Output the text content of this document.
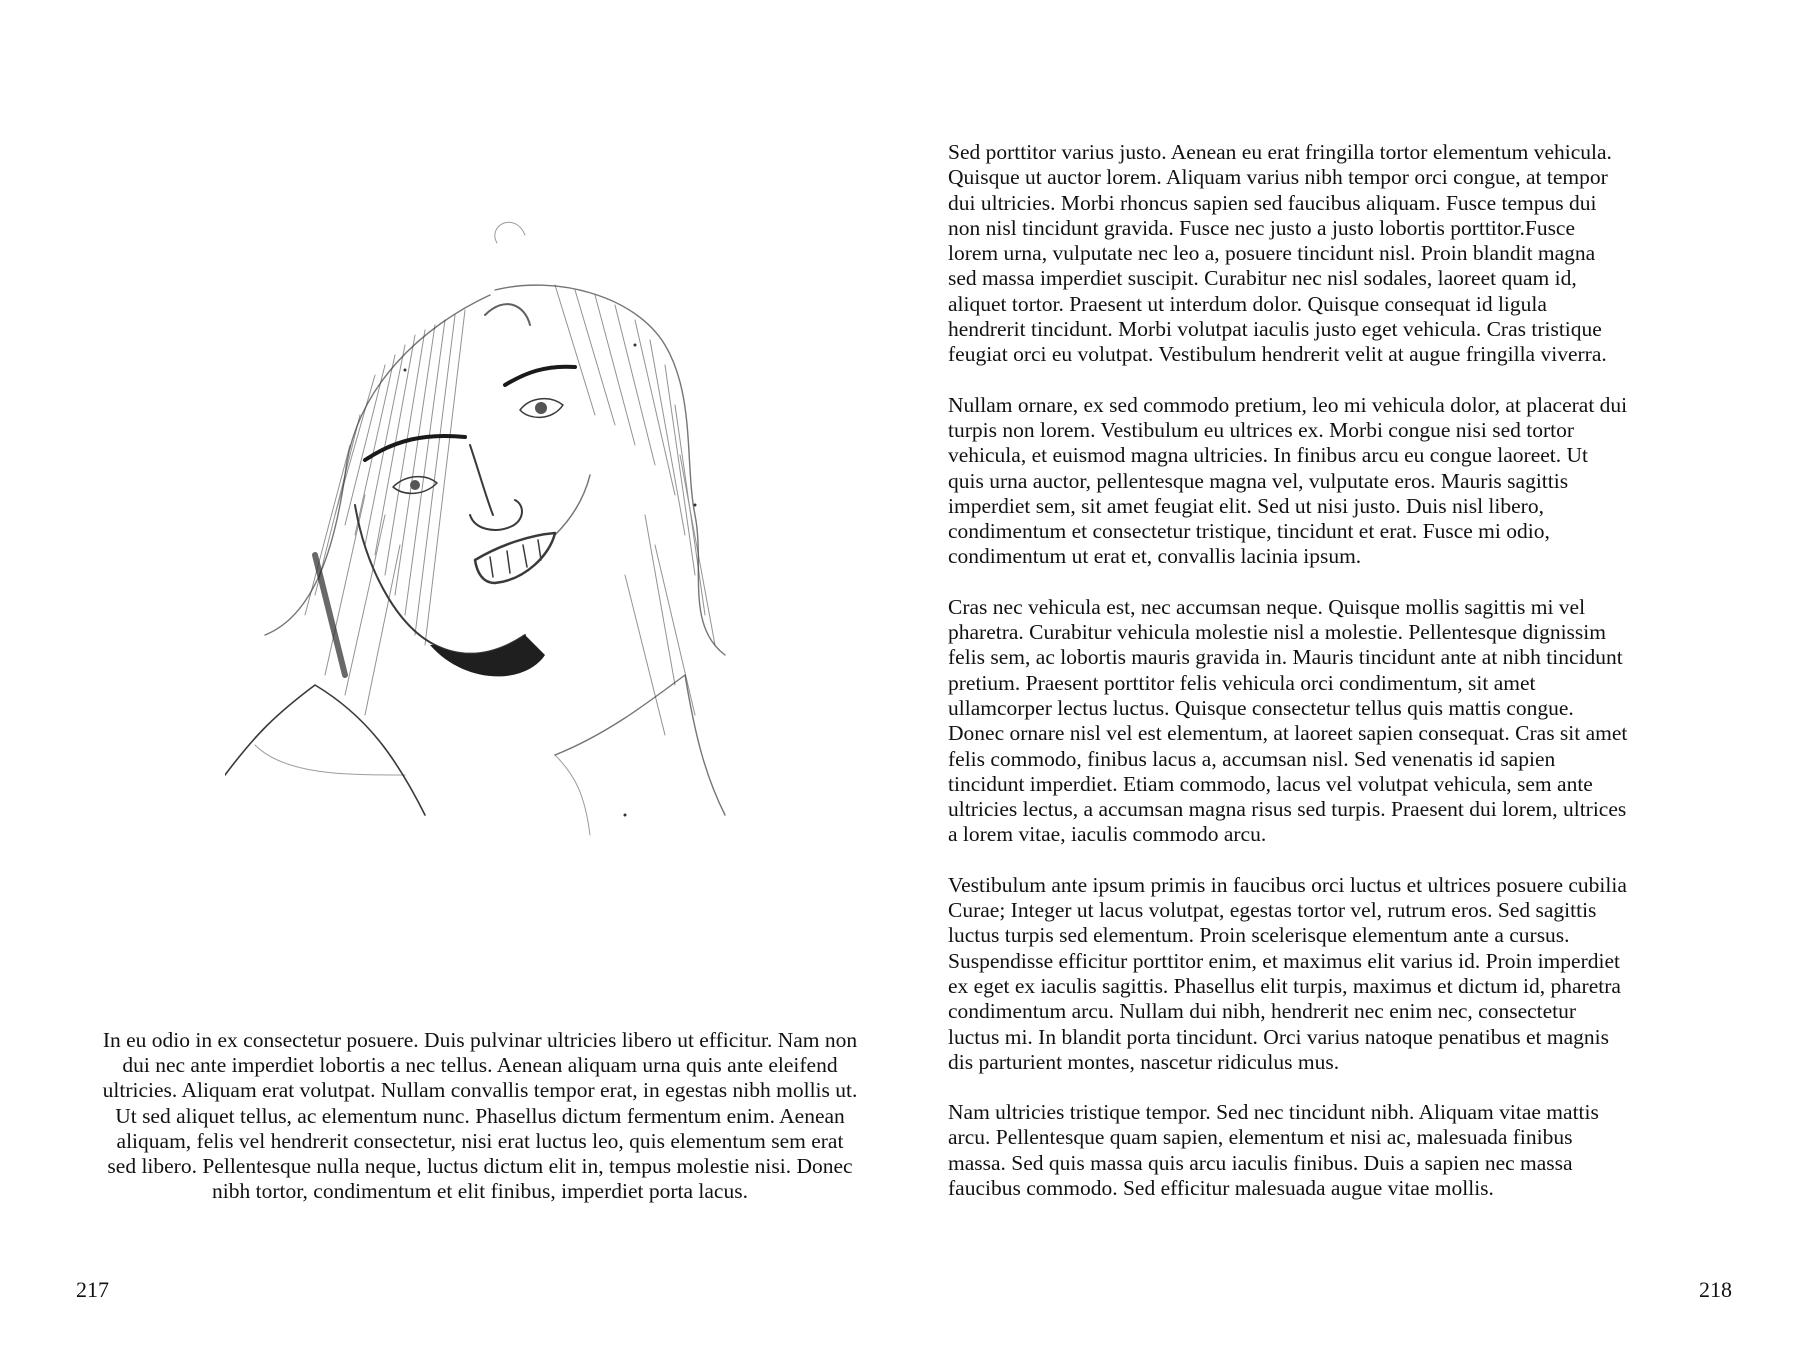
In eu odio in ex consectetur posuere. Duis pulvinar ultricies libero ut efficitur. Nam non dui nec ante imperdiet lobortis a nec tellus. Aenean aliquam urna quis ante eleifend ultricies. Aliquam erat volutpat. Nullam convallis tempor erat, in egestas nibh mollis ut. Ut sed aliquet tellus, ac elementum nunc. Phasellus dictum fermentum enim. Aenean aliquam, felis vel hendrerit consectetur, nisi erat luctus leo, quis elementum sem erat sed libero. Pellentesque nulla neque, luctus dictum elit in, tempus molestie nisi. Donec nibh tortor, condimentum et elit finibus, imperdiet porta lacus.

217

Sed porttitor varius justo. Aenean eu erat fringilla tortor elementum vehicula. Quisque ut auctor lorem. Aliquam varius nibh tempor orci congue, at tempor dui ultricies. Morbi rhoncus sapien sed faucibus aliquam. Fusce tempus dui non nisl tincidunt gravida. Fusce nec justo a justo lobortis porttitor.Fusce lorem urna, vulputate nec leo a, posuere tincidunt nisl. Proin blandit magna sed massa imperdiet suscipit. Curabitur nec nisl sodales, laoreet quam id, aliquet tortor. Praesent ut interdum dolor. Quisque consequat id ligula hendrerit tincidunt. Morbi volutpat iaculis justo eget vehicula. Cras tristique feugiat orci eu volutpat. Vestibulum hendrerit velit at augue fringilla viverra.

Nullam ornare, ex sed commodo pretium, leo mi vehicula dolor, at placerat dui turpis non lorem. Vestibulum eu ultrices ex. Morbi congue nisi sed tortor vehicula, et euismod magna ultricies. In finibus arcu eu congue laoreet. Ut quis urna auctor, pellentesque magna vel, vulputate eros. Mauris sagittis imperdiet sem, sit amet feugiat elit. Sed ut nisi justo. Duis nisl libero, condimentum et consectetur tristique, tincidunt et erat. Fusce mi odio, condimentum ut erat et, convallis lacinia ipsum.

Cras nec vehicula est, nec accumsan neque. Quisque mollis sagittis mi vel pharetra. Curabitur vehicula molestie nisl a molestie. Pellentesque dignissim felis sem, ac lobortis mauris gravida in. Mauris tincidunt ante at nibh tincidunt pretium. Praesent porttitor felis vehicula orci condimentum, sit amet ullamcorper lectus luctus. Quisque consectetur tellus quis mattis congue. Donec ornare nisl vel est elementum, at laoreet sapien consequat. Cras sit amet felis commodo, finibus lacus a, accumsan nisl. Sed venenatis id sapien tincidunt imperdiet. Etiam commodo, lacus vel volutpat vehicula, sem ante ultricies lectus, a accumsan magna risus sed turpis. Praesent dui lorem, ultrices a lorem vitae, iaculis commodo arcu.

Vestibulum ante ipsum primis in faucibus orci luctus et ultrices posuere cubilia Curae; Integer ut lacus volutpat, egestas tortor vel, rutrum eros. Sed sagittis luctus turpis sed elementum. Proin scelerisque elementum ante a cursus. Suspendisse efficitur porttitor enim, et maximus elit varius id. Proin imperdiet ex eget ex iaculis sagittis. Phasellus elit turpis, maximus et dictum id, pharetra condimentum arcu. Nullam dui nibh, hendrerit nec enim nec, consectetur luctus mi. In blandit porta tincidunt. Orci varius natoque penatibus et magnis dis parturient montes, nascetur ridiculus mus.

Nam ultricies tristique tempor. Sed nec tincidunt nibh. Aliquam vitae mattis arcu. Pellentesque quam sapien, elementum et nisi ac, malesuada finibus massa. Sed quis massa quis arcu iaculis finibus. Duis a sapien nec massa faucibus commodo. Sed efficitur malesuada augue vitae mollis.

218
